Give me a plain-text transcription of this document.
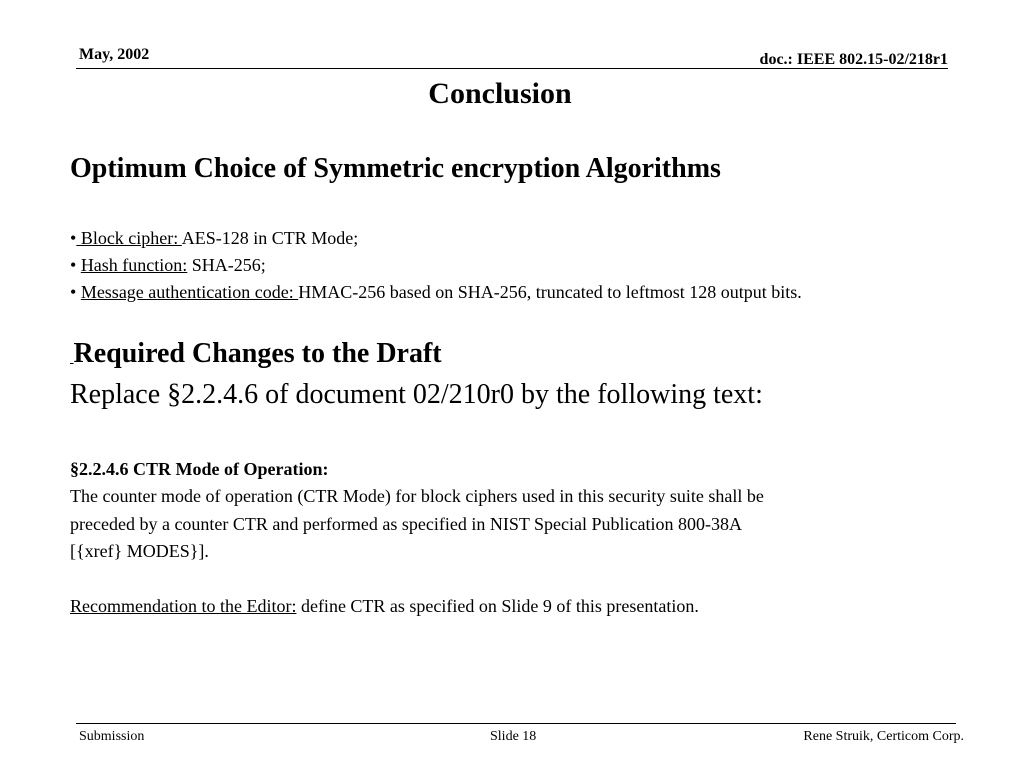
May, 2002	doc.: IEEE 802.15-02/218r1
Conclusion
Optimum Choice of Symmetric encryption Algorithms
• Block cipher: AES-128 in CTR Mode;
• Hash function: SHA-256;
• Message authentication code: HMAC-256 based on SHA-256, truncated to leftmost 128 output bits.
Required Changes to the Draft
Replace §2.2.4.6 of document 02/210r0 by the following text:
§2.2.4.6 CTR Mode of Operation:
The counter mode of operation (CTR Mode) for block ciphers used in this security suite shall be
preceded by a counter CTR and performed as specified in NIST Special Publication 800-38A
[{xref} MODES}].
Recommendation to the Editor: define CTR as specified on Slide 9 of this presentation.
Submission	Slide 18	Rene Struik, Certicom Corp.
